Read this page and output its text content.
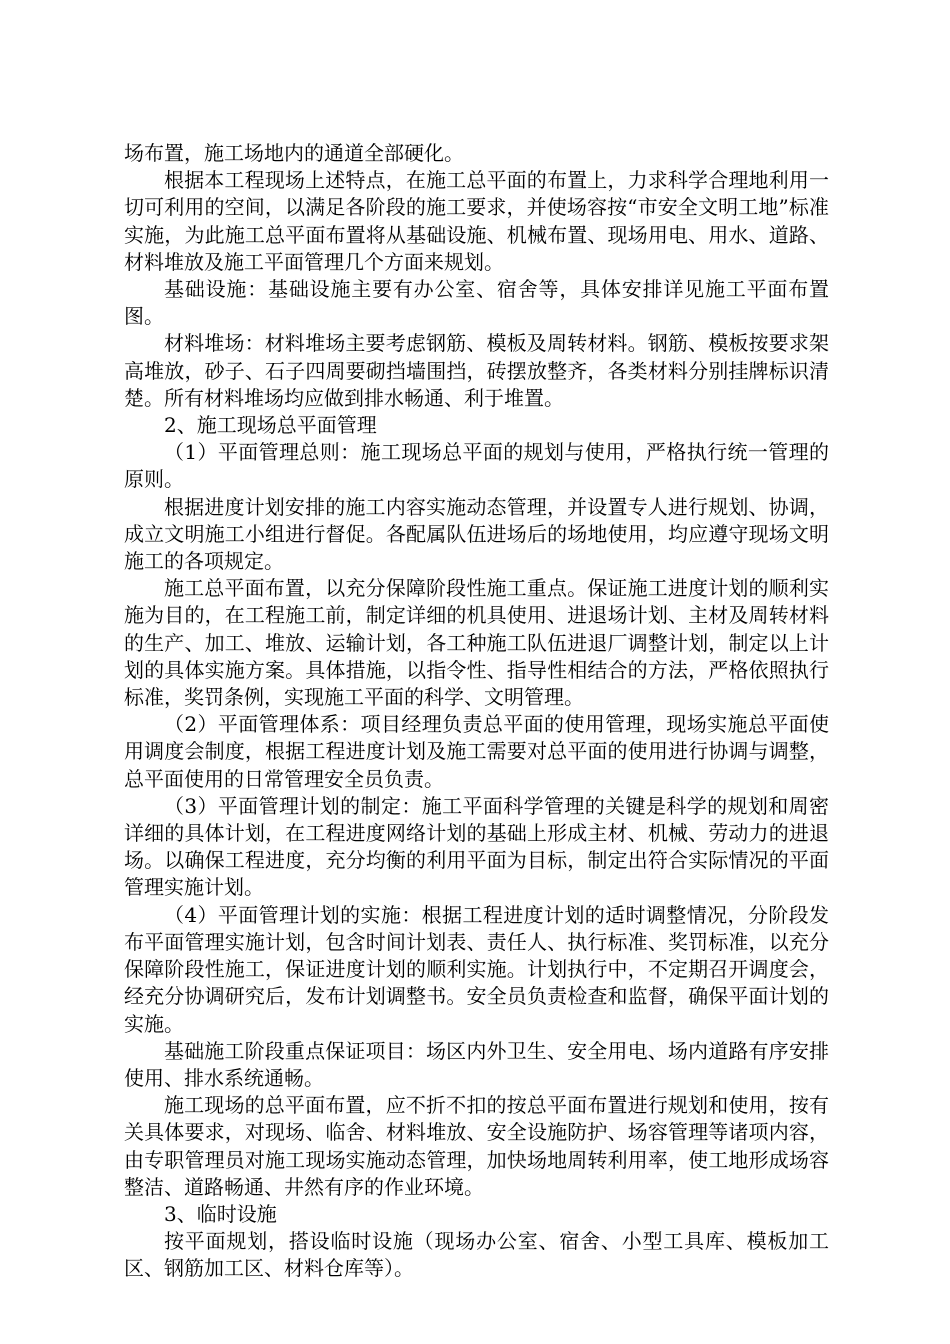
场布置，施工场地内的通道全部硬化。

根据本工程现场上述特点，在施工总平面的布置上，力求科学合理地利用一切可利用的空间，以满足各阶段的施工要求，并使场容按“市安全文明工地”标准实施，为此施工总平面布置将从基础设施、机械布置、现场用电、用水、道路、材料堆放及施工平面管理几个方面来规划。

基础设施：基础设施主要有办公室、宿舍等，具体安排详见施工平面布置图。

材料堆场：材料堆场主要考虑钢筋、模板及周转材料。钢筋、模板按要求架高堆放，砂子、石子四周要砌挡墙围挡，砖摆放整齐，各类材料分别挂牌标识清楚。所有材料堆场均应做到排水畅通、利于堆置。

2、施工现场总平面管理

（1）平面管理总则：施工现场总平面的规划与使用，严格执行统一管理的原则。

根据进度计划安排的施工内容实施动态管理，并设置专人进行规划、协调，成立文明施工小组进行督促。各配属队伍进场后的场地使用，均应遵守现场文明施工的各项规定。

施工总平面布置，以充分保障阶段性施工重点。保证施工进度计划的顺利实施为目的，在工程施工前，制定详细的机具使用、进退场计划、主材及周转材料的生产、加工、堆放、运输计划，各工种施工队伍进退厂调整计划，制定以上计划的具体实施方案。具体措施，以指令性、指导性相结合的方法，严格依照执行标准，奖罚条例，实现施工平面的科学、文明管理。

（2）平面管理体系：项目经理负责总平面的使用管理，现场实施总平面使用调度会制度，根据工程进度计划及施工需要对总平面的使用进行协调与调整，总平面使用的日常管理安全员负责。

（3）平面管理计划的制定：施工平面科学管理的关键是科学的规划和周密详细的具体计划，在工程进度网络计划的基础上形成主材、机械、劳动力的进退场。以确保工程进度，充分均衡的利用平面为目标，制定出符合实际情况的平面管理实施计划。

（4）平面管理计划的实施：根据工程进度计划的适时调整情况，分阶段发布平面管理实施计划，包含时间计划表、责任人、执行标准、奖罚标准，以充分保障阶段性施工，保证进度计划的顺利实施。计划执行中，不定期召开调度会，经充分协调研究后，发布计划调整书。安全员负责检查和监督，确保平面计划的实施。

基础施工阶段重点保证项目：场区内外卫生、安全用电、场内道路有序安排使用、排水系统通畅。

施工现场的总平面布置，应不折不扣的按总平面布置进行规划和使用，按有关具体要求，对现场、临舍、材料堆放、安全设施防护、场容管理等诸项内容，由专职管理员对施工现场实施动态管理，加快场地周转利用率，使工地形成场容整洁、道路畅通、井然有序的作业环境。

3、临时设施

按平面规划，搭设临时设施（现场办公室、宿舍、小型工具库、模板加工区、钢筋加工区、材料仓库等）。
